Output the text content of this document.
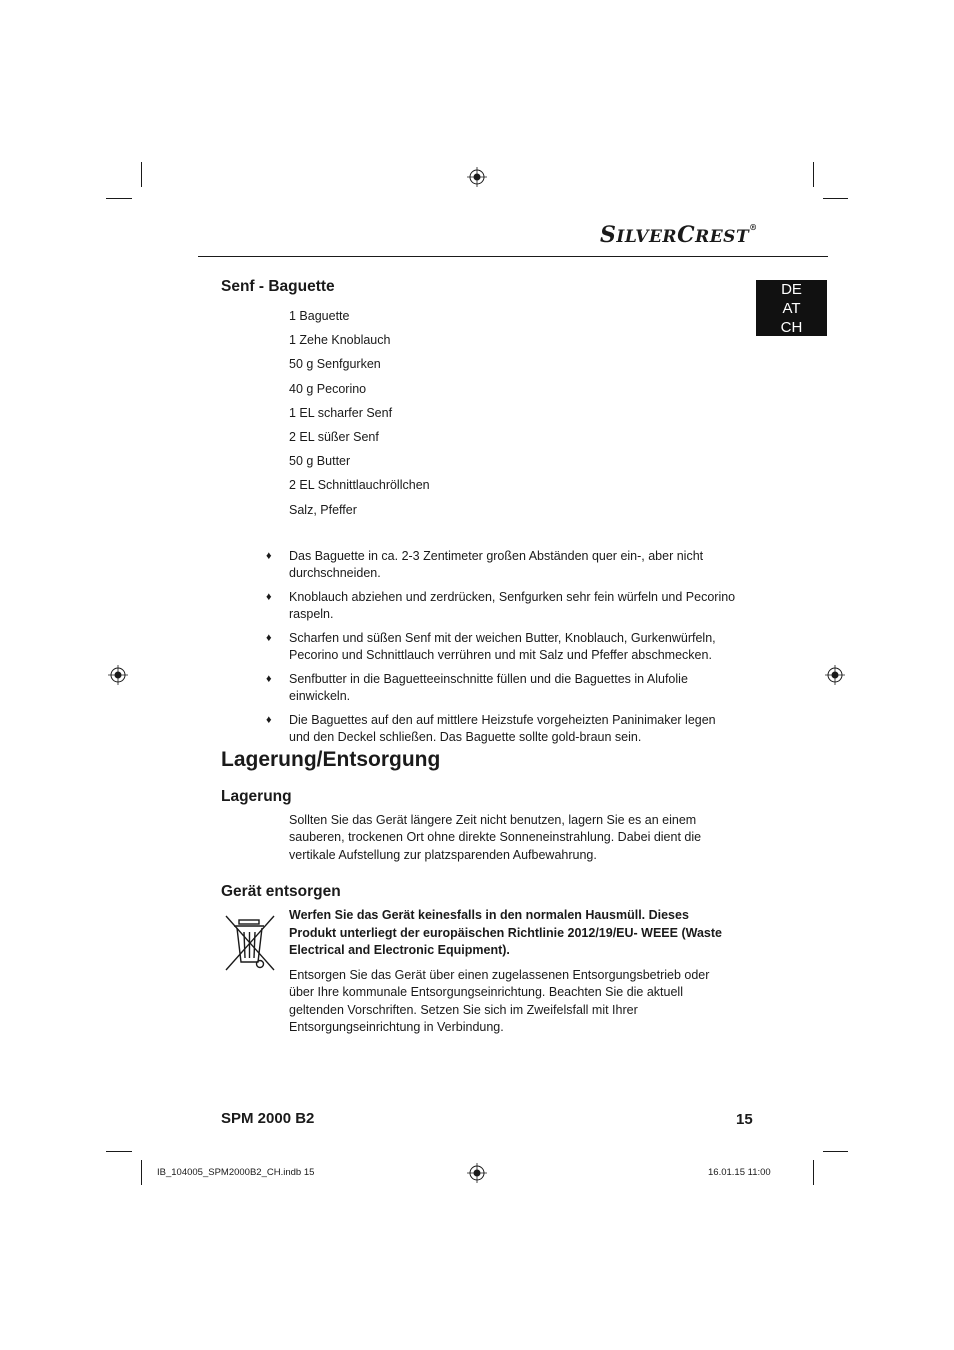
SILVERCREST®
DE
AT
CH
Senf - Baguette
1 Baguette
1 Zehe Knoblauch
50 g Senfgurken
40 g Pecorino
1 EL scharfer Senf
2 EL süßer Senf
50 g Butter
2 EL Schnittlauchröllchen
Salz, Pfeffer
♦ Das Baguette in ca. 2-3 Zentimeter großen Abständen quer ein-, aber nicht durchschneiden.
♦ Knoblauch abziehen und zerdrücken, Senfgurken sehr fein würfeln und Pecorino raspeln.
♦ Scharfen und süßen Senf mit der weichen Butter, Knoblauch, Gurkenwürfeln, Pecorino und Schnittlauch verrühren und mit Salz und Pfeffer abschmecken.
♦ Senfbutter in die Baguetteeinschnitte füllen und die Baguettes in Alufolie einwickeln.
♦ Die Baguettes auf den auf mittlere Heizstufe vorgeheizten Paninimaker legen und den Deckel schließen. Das Baguette sollte gold-braun sein.
Lagerung/Entsorgung
Lagerung

Sollten Sie das Gerät längere Zeit nicht benutzen, lagern Sie es an einem sauberen, trockenen Ort ohne direkte Sonneneinstrahlung. Dabei dient die vertikale Aufstellung zur platzsparenden Aufbewahrung.

Gerät entsorgen

Werfen Sie das Gerät keinesfalls in den normalen Hausmüll. Dieses Produkt unterliegt der europäischen Richtlinie 2012/19/EU- WEEE (Waste Electrical and Electronic Equipment).

Entsorgen Sie das Gerät über einen zugelassenen Entsorgungsbetrieb oder über Ihre kommunale Entsorgungseinrichtung. Beachten Sie die aktuell geltenden Vorschriften. Setzen Sie sich im Zweifelsfall mit Ihrer Entsorgungseinrichtung in Verbindung.

SPM 2000 B2	15
IB_104005_SPM2000B2_CH.indb 15	16.01.15 11:00
